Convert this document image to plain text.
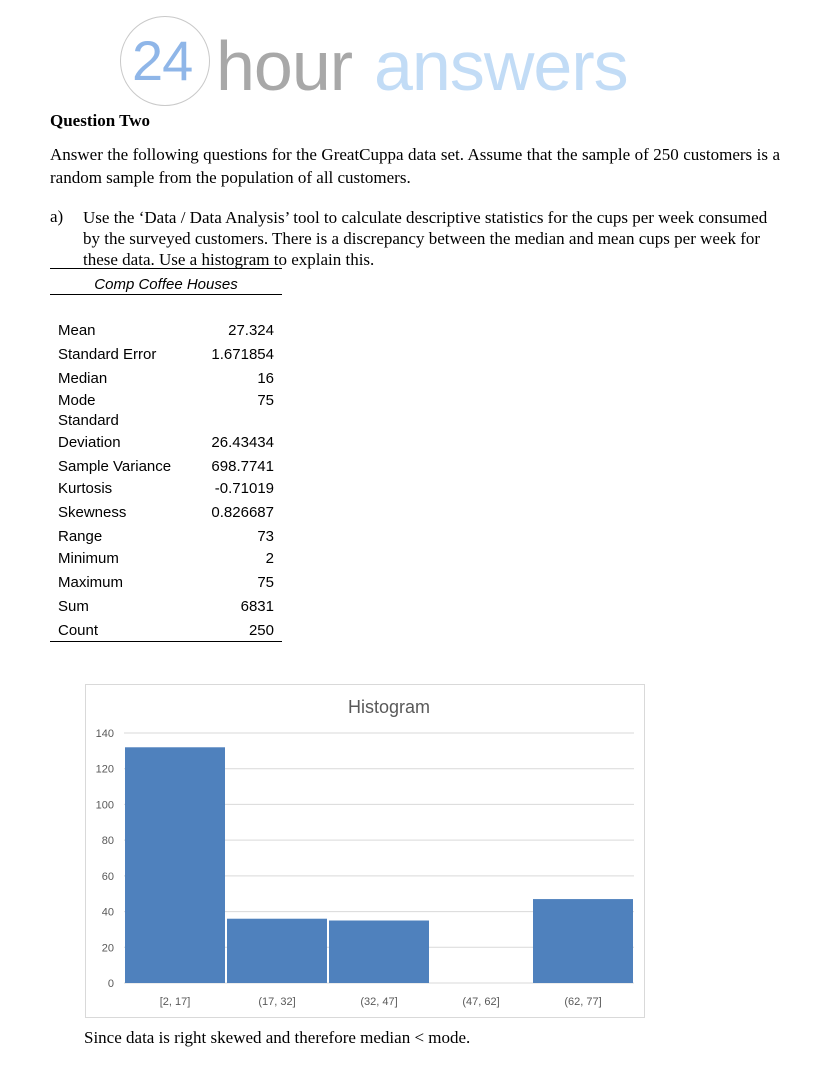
24 hour answers
Question Two
Answer the following questions for the GreatCuppa data set. Assume that the sample of 250 customers is a random sample from the population of all customers.
a) Use the ‘Data / Data Analysis’ tool to calculate descriptive statistics for the cups per week consumed by the surveyed customers. There is a discrepancy between the median and mean cups per week for these data. Use a histogram to explain this.
Comp Coffee Houses
Mean	27.324
Standard Error	1.671854
Median	16
Mode	75
Standard Deviation	26.43434
Sample Variance	698.7741
Kurtosis	-0.71019
Skewness	0.826687
Range	73
Minimum	2
Maximum	75
Sum	6831
Count	250
Histogram
0
20
40
60
80
100
120
140
[2, 17]	(17, 32]	(32, 47]	(47, 62]	(62, 77]
Since data is right skewed and therefore median < mode.
